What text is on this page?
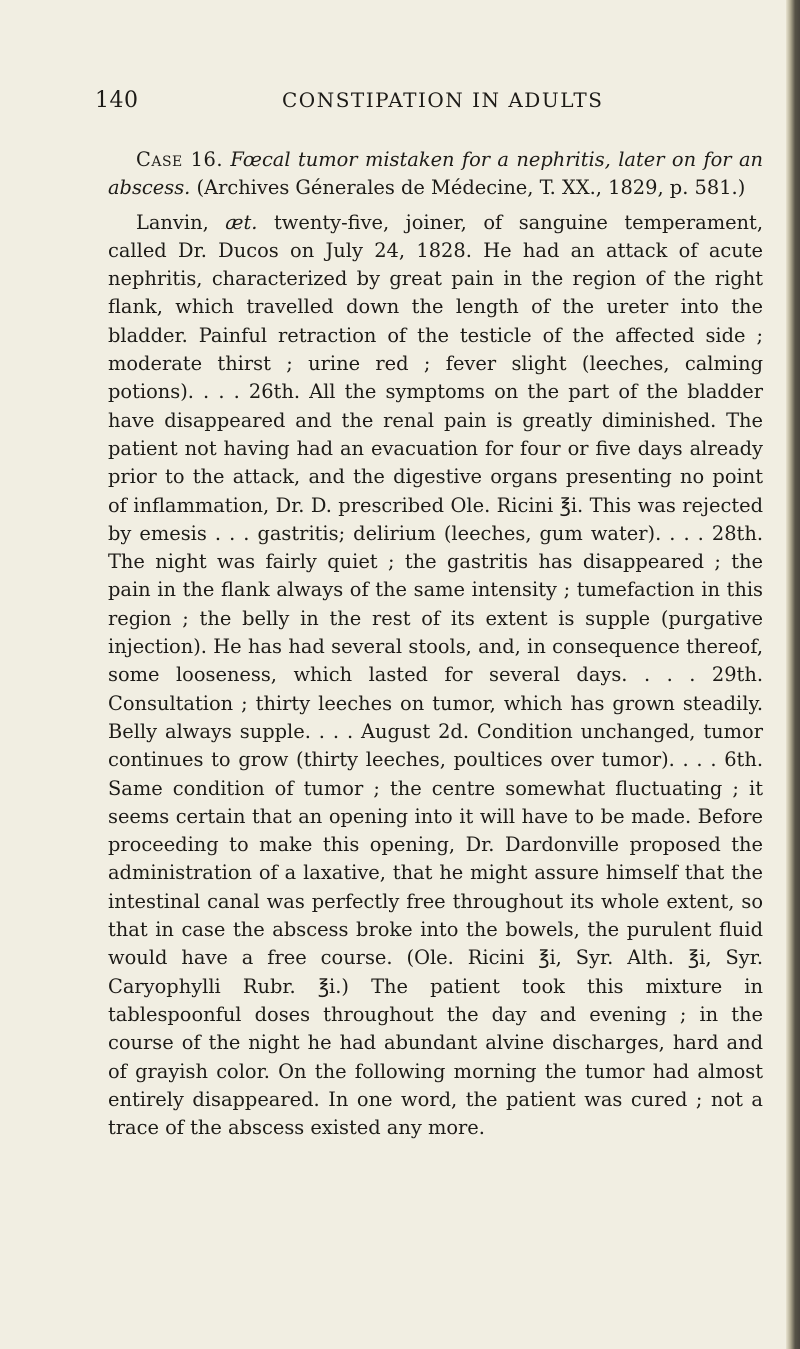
140	CONSTIPATION IN ADULTS

Case 16. Fœcal tumor mistaken for a nephritis, later on for an abscess. (Archives Génerales de Médecine, T. XX., 1829, p. 581.)

Lanvin, æt. twenty-five, joiner, of sanguine temperament, called Dr. Ducos on July 24, 1828. He had an attack of acute nephritis, characterized by great pain in the region of the right flank, which travelled down the length of the ureter into the bladder. Painful retraction of the testicle of the affected side ; moderate thirst ; urine red ; fever slight (leeches, calming potions). . . . 26th. All the symptoms on the part of the bladder have disappeared and the renal pain is greatly diminished. The patient not having had an evacuation for four or five days already prior to the attack, and the digestive organs presenting no point of inflammation, Dr. D. prescribed Ole. Ricini ℥i. This was rejected by emesis . . . gastritis; delirium (leeches, gum water). . . . 28th. The night was fairly quiet ; the gastritis has disappeared ; the pain in the flank always of the same intensity ; tumefaction in this region ; the belly in the rest of its extent is supple (purgative injection). He has had several stools, and, in consequence thereof, some looseness, which lasted for several days. . . . 29th. Consultation ; thirty leeches on tumor, which has grown steadily. Belly always supple. . . . August 2d. Condition unchanged, tumor continues to grow (thirty leeches, poultices over tumor). . . . 6th. Same condition of tumor ; the centre somewhat fluctuating ; it seems certain that an opening into it will have to be made. Before proceeding to make this opening, Dr. Dardonville proposed the administration of a laxative, that he might assure himself that the intestinal canal was perfectly free throughout its whole extent, so that in case the abscess broke into the bowels, the purulent fluid would have a free course. (Ole. Ricini ℥i, Syr. Alth. ℥i, Syr. Caryophylli Rubr. ℥i.) The patient took this mixture in tablespoonful doses throughout the day and evening ; in the course of the night he had abundant alvine discharges, hard and of grayish color. On the following morning the tumor had almost entirely disappeared. In one word, the patient was cured ; not a trace of the abscess existed any more.
